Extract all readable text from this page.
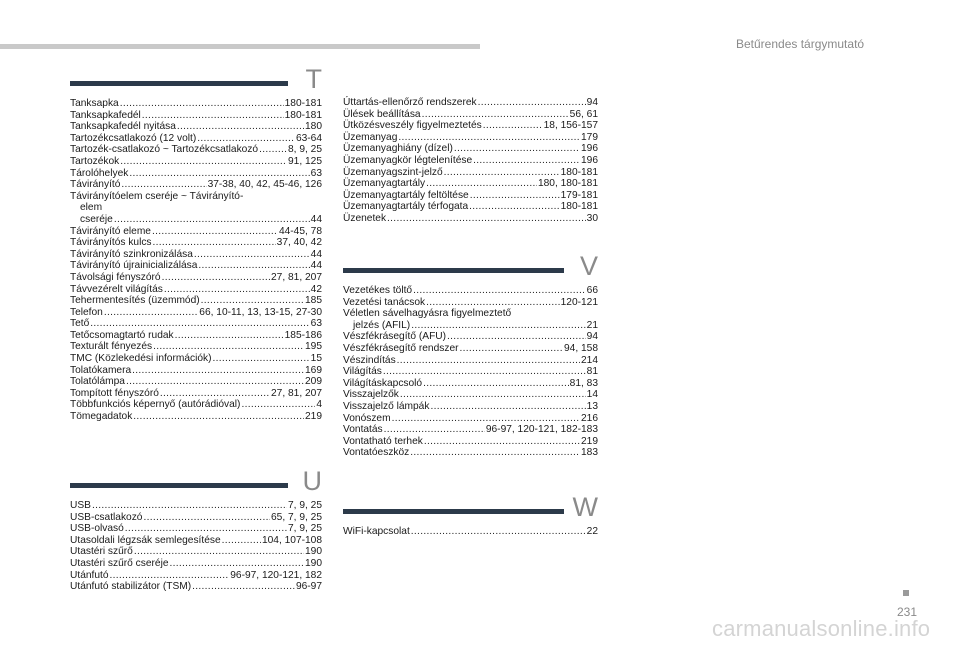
Betűrendes tárgymutató
T
Tanksapka .....	180-181
Tanksapkafedél .....	180-181
Tanksapkafedél nyitása .....	180
Tartozékcsatlakozó (12 volt) .....	63-64
Tartozék-csatlakozó ~ Tartozékcsatlakozó .....	8, 9, 25
Tartozékok .....	91, 125
Tárolóhelyek .....	63
Távirányító .....	37-38, 40, 42, 45-46, 126
Távirányítóelem cseréje ~ Távirányító-
elem
cseréje .....	44
Távirányító eleme .....	44-45, 78
Távirányítós kulcs .....	37, 40, 42
Távirányító szinkronizálása .....	44
Távirányító újrainicializálása .....	44
Távolsági fényszóró .....	27, 81, 207
Távvezérelt világítás .....	42
Tehermentesítés (üzemmód) .....	185
Telefon .....	66, 10-11, 13, 13-15, 27-30
Tető .....	63
Tetőcsomagtartó rudak .....	185-186
Texturált fényezés .....	195
TMC (Közlekedési információk) .....	15
Tolatókamera .....	169
Tolatólámpa .....	209
Tompított fényszóró .....	27, 81, 207
Többfunkciós képernyő (autórádióval) .....	4
Tömegadatok .....	219
U
USB .....	7, 9, 25
USB-csatlakozó .....	65, 7, 9, 25
USB-olvasó .....	7, 9, 25
Utasoldali légzsák semlegesítése .....	104, 107-108
Utastéri szűrő .....	190
Utastéri szűrő cseréje .....	190
Utánfutó .....	96-97, 120-121, 182
Utánfutó stabilizátor (TSM) .....	96-97
Úttartás-ellenőrző rendszerek .....	94
Ülések beállítása .....	56, 61
Ütközésveszély figyelmeztetés .....	18, 156-157
Üzemanyag .....	179
Üzemanyaghiány (dízel) .....	196
Üzemanyagkör légtelenítése .....	196
Üzemanyagszint-jelző .....	180-181
Üzemanyagtartály .....	180, 180-181
Üzemanyagtartály feltöltése .....	179-181
Üzemanyagtartály térfogata .....	180-181
Üzenetek .....	30
V
Vezetékes töltő .....	66
Vezetési tanácsok .....	120-121
Véletlen sávelhagyásra figyelmeztető
jelzés (AFIL) .....	21
Vészfékrásegítő (AFU) .....	94
Vészfékrásegítő rendszer .....	94, 158
Vészindítás .....	214
Világítás .....	81
Világításkapcsoló .....	81, 83
Visszajelzők .....	14
Visszajelző lámpák .....	13
Vonószem .....	216
Vontatás .....	96-97, 120-121, 182-183
Vontatható terhek .....	219
Vontatóeszköz .....	183
W
WiFi-kapcsolat .....	22
231
carmanualsonline.info
